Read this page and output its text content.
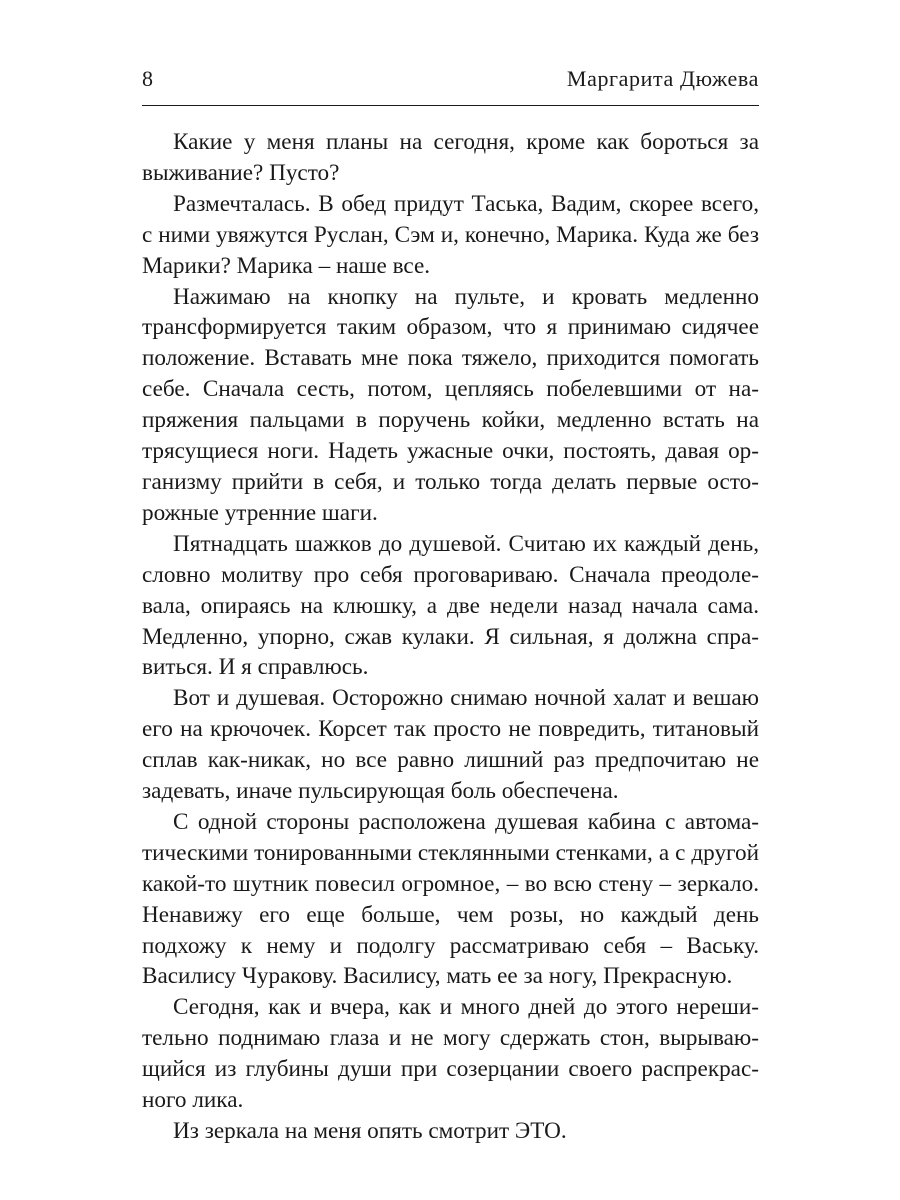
8	Маргарита Дюжева

Какие у меня планы на сегодня, кроме как бороться за выживание? Пусто?

Размечталась. В обед придут Таська, Вадим, скорее всего, с ними увяжутся Руслан, Сэм и, конечно, Марика. Куда же без Марики? Марика – наше все.

Нажимаю на кнопку на пульте, и кровать медленно трансформируется таким образом, что я принимаю сидячее положение. Вставать мне пока тяжело, приходится помогать себе. Сначала сесть, потом, цепляясь побелевшими от напряжения пальцами в поручень койки, медленно встать на трясущиеся ноги. Надеть ужасные очки, постоять, давая организму прийти в себя, и только тогда делать первые осторожные утренние шаги.

Пятнадцать шажков до душевой. Считаю их каждый день, словно молитву про себя проговариваю. Сначала преодолевала, опираясь на клюшку, а две недели назад начала сама. Медленно, упорно, сжав кулаки. Я сильная, я должна справиться. И я справлюсь.

Вот и душевая. Осторожно снимаю ночной халат и вешаю его на крючочек. Корсет так просто не повредить, титановый сплав как-никак, но все равно лишний раз предпочитаю не задевать, иначе пульсирующая боль обеспечена.

С одной стороны расположена душевая кабина с автоматическими тонированными стеклянными стенками, а с другой какой-то шутник повесил огромное, – во всю стену – зеркало. Ненавижу его еще больше, чем розы, но каждый день подхожу к нему и подолгу рассматриваю себя – Ваську. Василису Чуракову. Василису, мать ее за ногу, Прекрасную.

Сегодня, как и вчера, как и много дней до этого нерешительно поднимаю глаза и не могу сдержать стон, вырывающийся из глубины души при созерцании своего распрекрасного лика.

Из зеркала на меня опять смотрит ЭТО.
